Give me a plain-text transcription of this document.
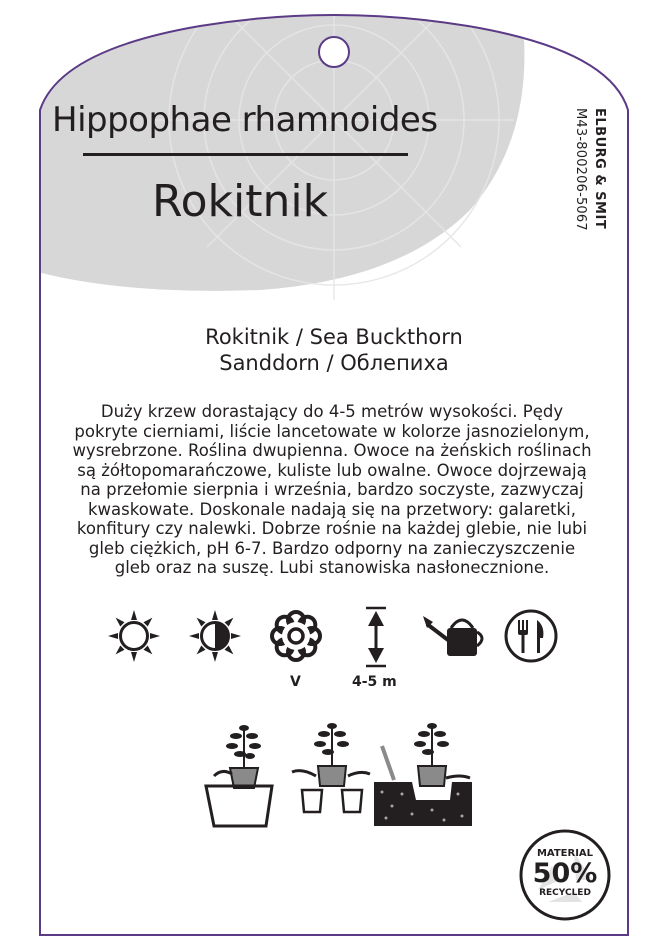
Hippophae rhamnoides
Rokitnik	ELBURG & SMIT
M43-800206-5067
Rokitnik / Sea Buckthorn
Sanddorn / Облепиха
Duży krzew dorastający do 4-5 metrów wysokości. Pędy
pokryte cierniami, liście lancetowate w kolorze jasnozielonym,
wysrebrzone. Roślina dwupienna. Owoce na żeńskich roślinach
są żółtopomarańczowe, kuliste lub owalne. Owoce dojrzewają
na przełomie sierpnia i września, bardzo soczyste, zazwyczaj
kwaskowate. Doskonale nadają się na przetwory: galaretki,
konfitury czy nalewki. Dobrze rośnie na każdej glebie, nie lubi
gleb ciężkich, pH 6-7. Bardzo odporny na zanieczyszczenie
gleb oraz na suszę. Lubi stanowiska nasłonecznione.
V	4-5 m
MATERIAL
50%
RECYCLED
